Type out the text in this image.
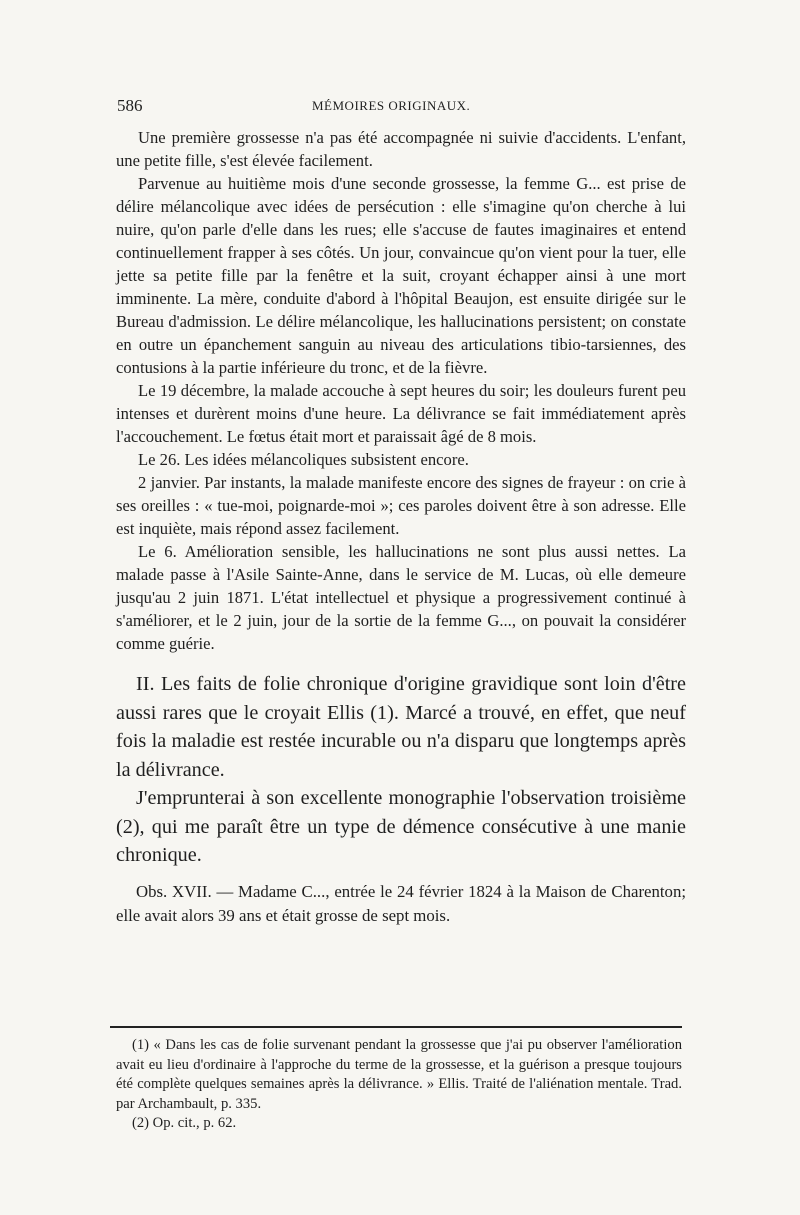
586	MÉMOIRES ORIGINAUX.

Une première grossesse n'a pas été accompagnée ni suivie d'accidents. L'enfant, une petite fille, s'est élevée facilement.

Parvenue au huitième mois d'une seconde grossesse, la femme G... est prise de délire mélancolique avec idées de persécution : elle s'imagine qu'on cherche à lui nuire, qu'on parle d'elle dans les rues; elle s'accuse de fautes imaginaires et entend continuellement frapper à ses côtés. Un jour, convaincue qu'on vient pour la tuer, elle jette sa petite fille par la fenêtre et la suit, croyant échapper ainsi à une mort imminente. La mère, conduite d'abord à l'hôpital Beaujon, est ensuite dirigée sur le Bureau d'admission. Le délire mélancolique, les hallucinations persistent; on constate en outre un épanchement sanguin au niveau des articulations tibio-tarsiennes, des contusions à la partie inférieure du tronc, et de la fièvre.

Le 19 décembre, la malade accouche à sept heures du soir; les douleurs furent peu intenses et durèrent moins d'une heure. La délivrance se fait immédiatement après l'accouchement. Le fœtus était mort et paraissait âgé de 8 mois.

Le 26. Les idées mélancoliques subsistent encore.

2 janvier. Par instants, la malade manifeste encore des signes de frayeur : on crie à ses oreilles : « tue-moi, poignarde-moi »; ces paroles doivent être à son adresse. Elle est inquiète, mais répond assez facilement.

Le 6. Amélioration sensible, les hallucinations ne sont plus aussi nettes. La malade passe à l'Asile Sainte-Anne, dans le service de M. Lucas, où elle demeure jusqu'au 2 juin 1871. L'état intellectuel et physique a progressivement continué à s'améliorer, et le 2 juin, jour de la sortie de la femme G..., on pouvait la considérer comme guérie.

II. Les faits de folie chronique d'origine gravidique sont loin d'être aussi rares que le croyait Ellis (1). Marcé a trouvé, en effet, que neuf fois la maladie est restée incurable ou n'a disparu que longtemps après la délivrance.

J'emprunterai à son excellente monographie l'observation troisième (2), qui me paraît être un type de démence consécutive à une manie chronique.

Obs. XVII. — Madame C..., entrée le 24 février 1824 à la Maison de Charenton; elle avait alors 39 ans et était grosse de sept mois.

(1) « Dans les cas de folie survenant pendant la grossesse que j'ai pu observer l'amélioration avait eu lieu d'ordinaire à l'approche du terme de la grossesse, et la guérison a presque toujours été complète quelques semaines après la délivrance. » Ellis. Traité de l'aliénation mentale. Trad. par Archambault, p. 335.

(2) Op. cit., p. 62.
